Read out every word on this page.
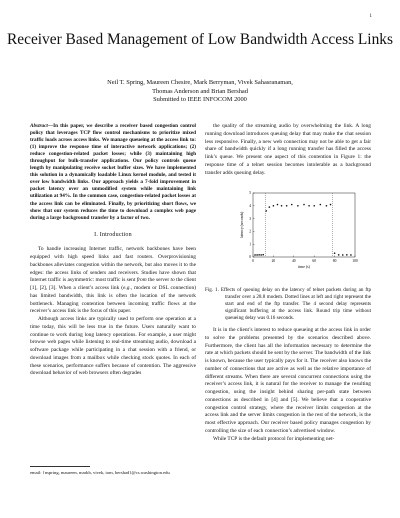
1
Receiver Based Management of Low Bandwidth Access Links
Neil T. Spring, Maureen Chesire, Mark Berryman, Vivek Sahasranaman,
Thomas Anderson and Brian Bershad
Submitted to IEEE INFOCOM 2000

Abstract—In this paper, we describe a receiver based congestion control policy that leverages TCP flow control mechanisms to prioritize mixed traffic loads across access links. We manage queueing at the access link to: (1) improve the response time of interactive network applications; (2) reduce congestion-related packet losses; while (3) maintaining high throughput for bulk-transfer applications. Our policy controls queue length by manipulating receive socket buffer sizes. We have implemented this solution in a dynamically loadable Linux kernel module, and tested it over low bandwidth links. Our approach yields a 7-fold improvement in packet latency over an unmodified system while maintaining link utilization at 94%. In the common case, congestion-related packet losses at the access link can be eliminated. Finally, by prioritizing short flows, we show that our system reduces the time to download a complex web page during a large background transfer by a factor of two.

I. Introduction

To handle increasing Internet traffic, network backbones have been equipped with high speed links and fast routers. Overprovisioning backbones alleviates congestion within the network, but also moves it to the edges: the access links of senders and receivers. Studies have shown that Internet traffic is asymmetric: most traffic is sent from the server to the client [1], [2], [3]. When a client’s access link (e.g., modem or DSL connection) has limited bandwidth, this link is often the location of the network bottleneck. Managing contention between incoming traffic flows at the receiver’s access link is the focus of this paper.

Although access links are typically used to perform one operation at a time today, this will be less true in the future. Users naturally want to continue to work during long latency operations. For example, a user might browse web pages while listening to real-time streaming audio, download a software package while participating in a chat session with a friend, or download images from a mailbox while checking stock quotes. In each of these scenarios, performance suffers because of contention. The aggressive download behavior of web browsers often degrades

email: {nspring, maureen, markb, vivek, tom, bershad}@cs.washington.edu

the quality of the streaming audio by overwhelming the link. A long running download introduces queuing delay that may make the chat session less responsive. Finally, a new web connection may not be able to get a fair share of bandwidth quickly if a long running transfer has filled the access link’s queue. We present one aspect of this contention in Figure 1: the response time of a telnet session becomes intolerable as a background transfer adds queuing delay.

0	20	40	60	80	100
0
1
2
3
4
5
time (s)
latency (seconds)

Fig. 1. Effects of queuing delay on the latency of telnet packets during an ftp transfer over a 28.8 modem. Dotted lines at left and right represent the start and end of the ftp transfer. The 4 second delay represents significant buffering at the access link. Round trip time without queueing delay was 0.16 seconds.

It is in the client’s interest to reduce queueing at the access link in order to solve the problems presented by the scenarios described above. Furthermore, the client has all the information necessary to determine the rate at which packets should be sent by the server. The bandwidth of the link is known, because the user typically pays for it. The receiver also knows the number of connections that are active as well as the relative importance of different streams. When there are several concurrent connections using the receiver’s access link, it is natural for the receiver to manage the resulting congestion, using the insight behind sharing per-path state between connections as described in [4] and [5]. We believe that a cooperative congestion control strategy, where the receiver limits congestion at the access link and the server limits congestion in the rest of the network, is the most effective approach. Our receiver based policy manages congestion by controlling the size of each connection’s advertised window.

While TCP is the default protocol for implementing net-
